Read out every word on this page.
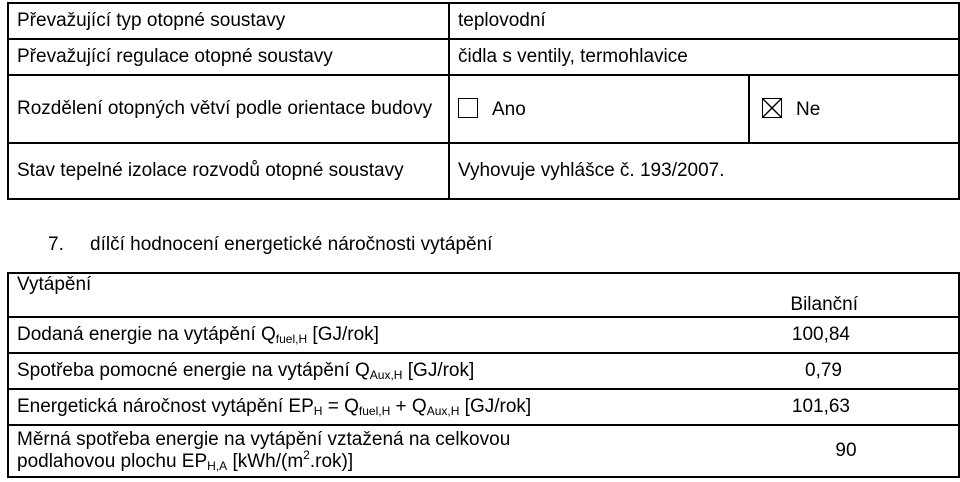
Převažující typ otopné soustavy	teplovodní	
Převažující regulace otopné soustavy	čidla s ventily, termohlavice	
Rozdělení otopných větví podle orientace budovy	Ano	Ne
Stav tepelné izolace rozvodů otopné soustavy	Vyhovuje vyhlášce č. 193/2007.	
7. dílčí hodnocení energetické náročnosti vytápění
Vytápění	Bilanční
Dodaná energie na vytápění $Q_{fuel,H}$ [GJ/rok]	100,84
Spotřeba pomocné energie na vytápění $Q_{Aux,H}$ [GJ/rok]	0,79
Energetická náročnost vytápění $EP_H = Q_{fuel,H} + Q_{Aux,H}$ [GJ/rok]	101,63
Měrná spotřeba energie na vytápění vztažená na celkovou
podlahovou plochu $EP_{H,A}$ $[kWh/(m^2.rok)]$	90
